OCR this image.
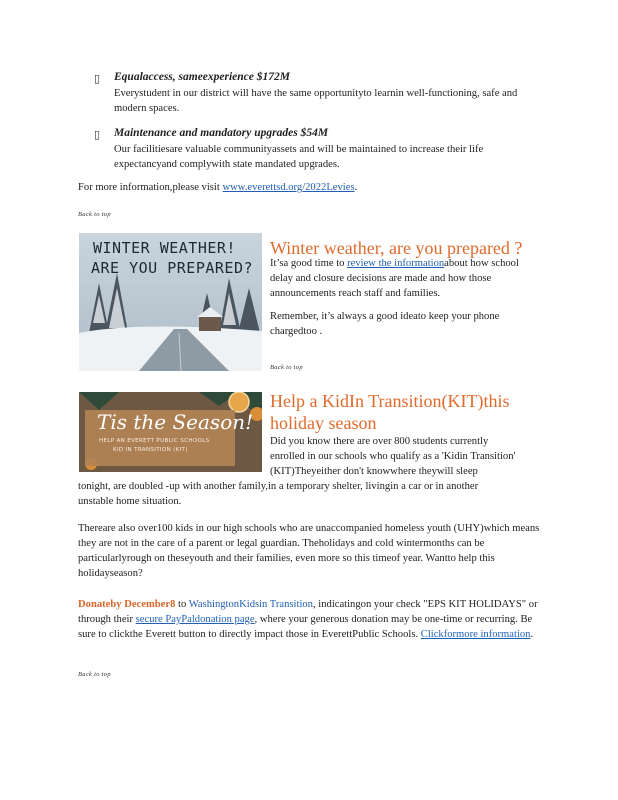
▯ Equalaccess, sameexperience $172M
Everystudent in our district will have the same opportunityto learnin well-functioning, safe and modern spaces.
▯ Maintenance and mandatory upgrades $54M
Our facilitiesare valuable communityassets and will be maintained to increase their life expectancyand complywith state mandated upgrades.
For more information,please visit www.everettsd.org/2022Levies.
Back to top
WINTER WEATHER!
ARE YOU PREPARED?
Winter weather, are you prepared ?
It’sa good time to review the informationabout how school delay and closure decisions are made and how those announcements reach staff and families.
Remember, it’s always a good ideato keep your phone chargedtoo .
Back to top
Tis the Season!
HELP AN EVERETT PUBLIC SCHOOLS
KID IN TRANSITION (KIT)
Help a KidIn Transition(KIT)this
holiday season
Did you know there are over 800 students currently
enrolled in our schools who qualify as a 'Kidin Transition'
(KIT)Theyeither don't knowwhere theywill sleep
tonight, are doubled -up with another family,in a temporary shelter, livingin a car or in another
unstable home situation.
Thereare also over100 kids in our high schools who are unaccompanied homeless youth (UHY)which means they are not in the care of a parent or legal guardian. Theholidays and cold wintermonths can be particularlyrough on theseyouth and their families, even more so this timeof year. Wantto help this holidayseason?
Donateby December8 to WashingtonKidsin Transition, indicatingon your check "EPS KIT HOLIDAYS" or through their secure PayPaldonation page, where your generous donation may be one-time or recurring. Be sure to clickthe Everett button to directly impact those in EverettPublic Schools. Clickformore information.
Back to top
